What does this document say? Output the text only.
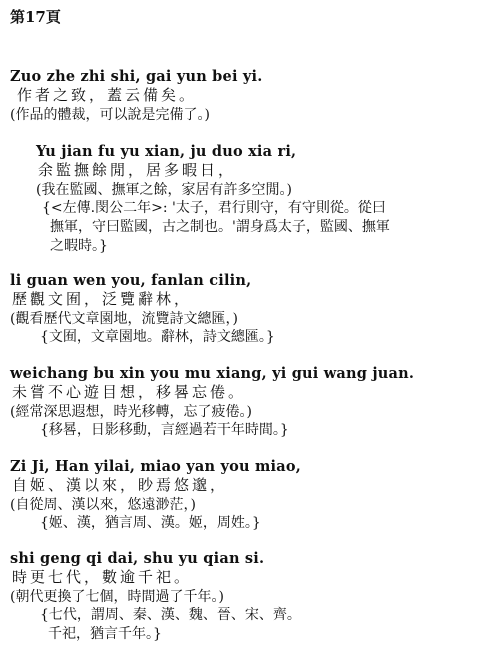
第17頁
Zuo zhe zhi shi, gai yun bei yi.
作者之致，蓋云備矣。
(作品的體裁，可以說是完備了。)
Yu jian fu yu xian, ju duo xia ri,
余監撫餘閒，居多暇日，
(我在監國、撫軍之餘，家居有許多空閒。)
{<左傳.閔公二年>: '太子，君行則守，有守則從。從曰
撫軍，守曰監國，古之制也。'謂身爲太子，監國、撫軍
之暇時。}
li guan wen you, fanlan cilin,
歷觀文囿，泛覽辭林，
(觀看歷代文章園地，流覽詩文總匯，)
{文囿，文章園地。辭林，詩文總匯。}
weichang bu xin you mu xiang, yi gui wang juan.
未嘗不心遊目想，移晷忘倦。
(經常深思遐想，時光移轉，忘了疲倦。)
{移晷，日影移動，言經過若干年時間。}
Zi Ji, Han yilai, miao yan you miao,
自姬、漢以來，眇焉悠邈，
(自從周、漢以來，悠遠渺茫，)
{姬、漢，猶言周、漢。姬，周姓。}
shi geng qi dai, shu yu qian si.
時更七代，數逾千祀。
(朝代更換了七個，時間過了千年。)
{七代，謂周、秦、漢、魏、晉、宋、齊。
千祀，猶言千年。}
